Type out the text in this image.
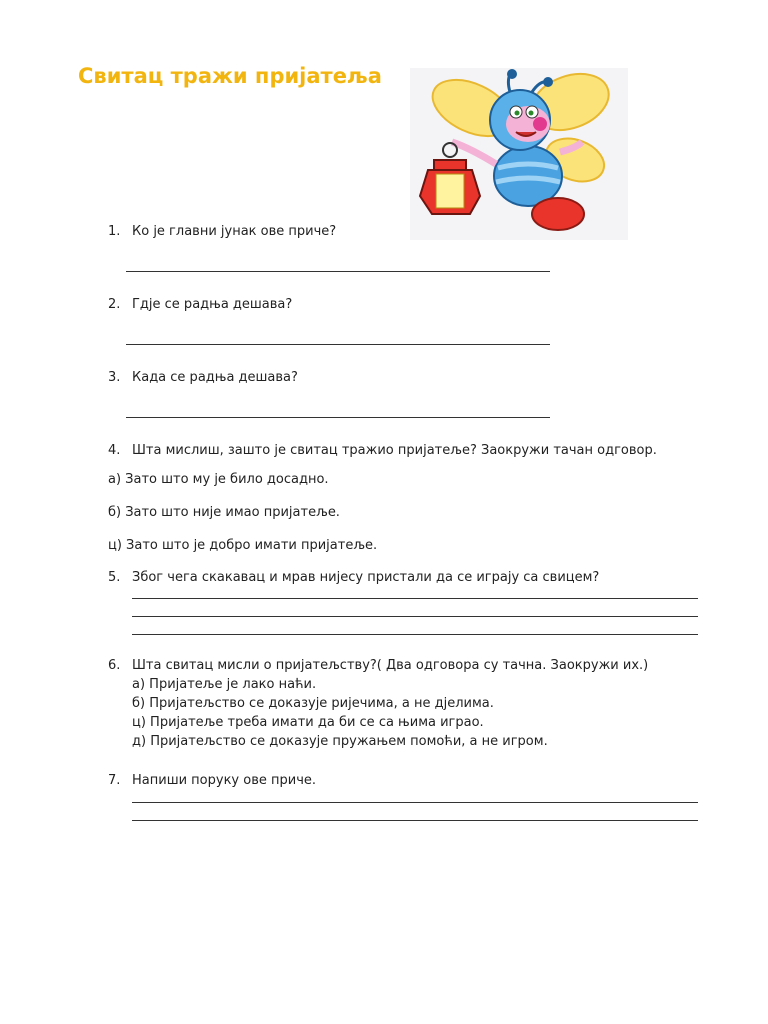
Свитац тражи пријатеља
1. Ко је главни јунак ове приче?
2. Гдје се радња дешава?
3. Када се радња дешава?
4. Шта мислиш, зашто је свитац тражио пријатеље? Заокружи тачан одговор.
а) Зато што му је било досадно.
б) Зато што није имао пријатеље.
ц) Зато што је добро имати пријатеље.
5. Због чега скакавац и мрав нијесу пристали да се играју са свицем?
6. Шта свитац мисли о пријатељству?( Два одговора су тачна. Заокружи их.)
а) Пријатеље је лако наћи.
б) Пријатељство се доказује ријечима, а не дјелима.
ц) Пријатеље треба имати да би се са њима играо.
д) Пријатељство се доказује пружањем помоћи, а не игром.
7. Напиши поруку ове приче.
